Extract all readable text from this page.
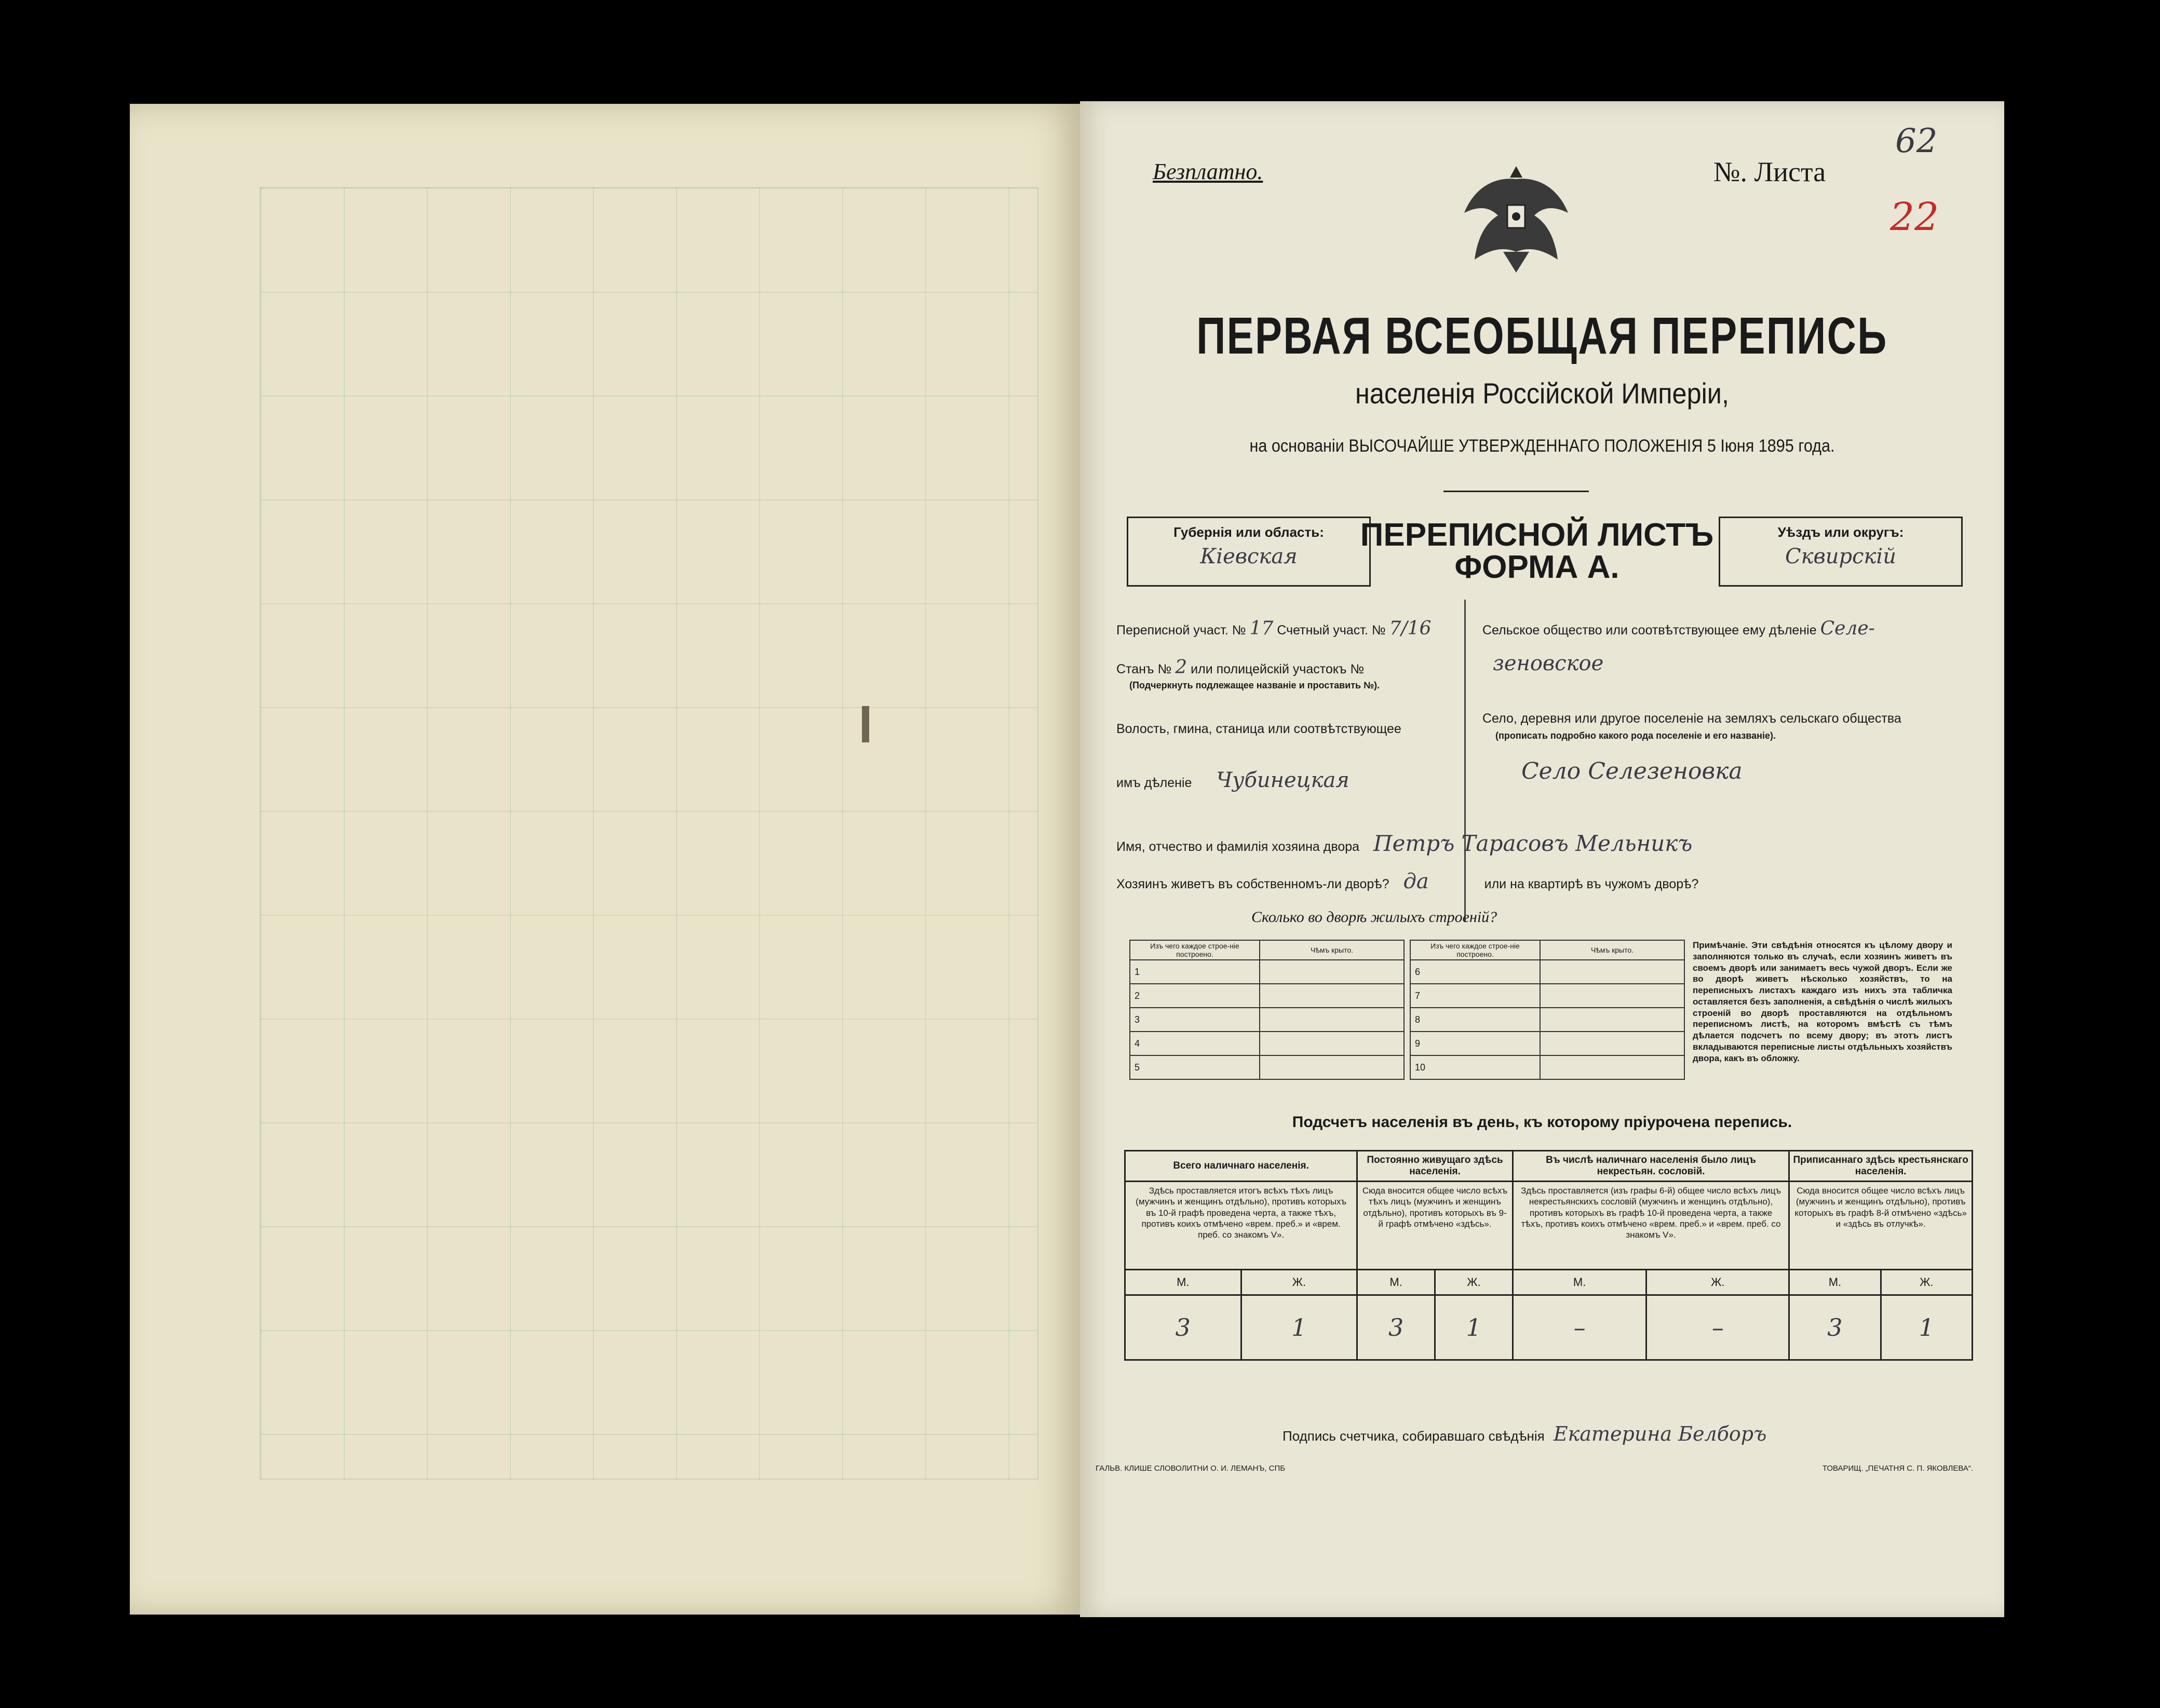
Безплатно.	№. Листа
62
22
ПЕРВАЯ ВСЕОБЩАЯ ПЕРЕПИСЬ
населенія Россійской Имперіи,
на основаніи ВЫСОЧАЙШЕ УТВЕРЖДЕННАГО ПОЛОЖЕНІЯ 5 Іюня 1895 года.
Губернія или область:
Кіевская
ПЕРЕПИСНОЙ ЛИСТЪ
ФОРМА А.
Уѣздъ или округъ:
Сквирскій
Переписной участ. № 17 Счетный участ. № 7/16
Станъ № 2 или полицейскій участокъ №
(Подчеркнуть подлежащее названіе и проставить №).
Волость, гмина, станица или соотвѣтствующее
имъ дѣленіе Чубинецкая
Сельское общество или соотвѣтствующее ему дѣленіе Селе-
зеновское
Село, деревня или другое поселеніе на земляхъ сельскаго общества
(прописать подробно какого рода поселеніе и его названіе).
Село Селезеновка
Имя, отчество и фамилія хозяина двора Петръ Тарасовъ Мельникъ
Хозяинъ живетъ въ собственномъ-ли дворѣ? да	или на квартирѣ въ чужомъ дворѣ?
Сколько во дворѣ жилыхъ строеній?
Изъ чего каждое строе-ніе построено.	Чѣмъ крыто.
1	
2	
3	
4	
5	
Изъ чего каждое строе-ніе построено.	Чѣмъ крыто.
6	
7	
8	
9	
10	
Примѣчаніе. Эти свѣдѣнія относятся къ цѣлому двору и заполняются только въ случаѣ, если хозяинъ живетъ въ своемъ дворѣ или занимаетъ весь чужой дворъ. Если же во дворѣ живетъ нѣсколько хозяйствъ, то на переписныхъ листахъ каждаго изъ нихъ эта табличка оставляется безъ заполненія, а свѣдѣнія о числѣ жилыхъ строеній во дворѣ проставляются на отдѣльномъ переписномъ листѣ, на которомъ вмѣстѣ съ тѣмъ дѣлается подсчетъ по всему двору; въ этотъ листъ вкладываются переписные листы отдѣльныхъ хозяйствъ двора, какъ въ обложку.
Подсчетъ населенія въ день, къ которому пріурочена перепись.
Всего наличнаго населенія.		Постоянно живущаго здѣсь населенія.		Въ числѣ наличнаго населенія было лицъ некрестьян. сословій.		Приписаннаго здѣсь крестьянскаго населенія.	
Здѣсь проставляется итогъ всѣхъ тѣхъ лицъ (мужчинъ и женщинъ отдѣльно), противъ которыхъ въ 10-й графѣ проведена черта, а также тѣхъ, противъ коихъ отмѣчено «врем. преб.» и «врем. преб. со знакомъ V».		Сюда вносится общее число всѣхъ тѣхъ лицъ (мужчинъ и женщинъ отдѣльно), противъ которыхъ въ 9-й графѣ отмѣчено «здѣсь».		Здѣсь проставляется (изъ графы 6-й) общее число всѣхъ лицъ некрестьянскихъ сословій (мужчинъ и женщинъ отдѣльно), противъ которыхъ въ графѣ 10-й проведена черта, а также тѣхъ, противъ коихъ отмѣчено «врем. преб.» и «врем. преб. со знакомъ V».		Сюда вносится общее число всѣхъ лицъ (мужчинъ и женщинъ отдѣльно), противъ которыхъ въ графѣ 8-й отмѣчено «здѣсь» и «здѣсь въ отлучкѣ».	
М.	Ж.	М.	Ж.	М.	Ж.	М.	Ж.
3	1	3	1	–	–	3	1
Подпись счетчика, собиравшаго свѣдѣнія Екатерина Белборъ
ГАЛЬВ. КЛИШЕ СЛОВОЛИТНИ О. И. ЛЕМАНЪ, СПБ	ТОВАРИЩ. „ПЕЧАТНЯ С. П. ЯКОВЛЕВА“.
